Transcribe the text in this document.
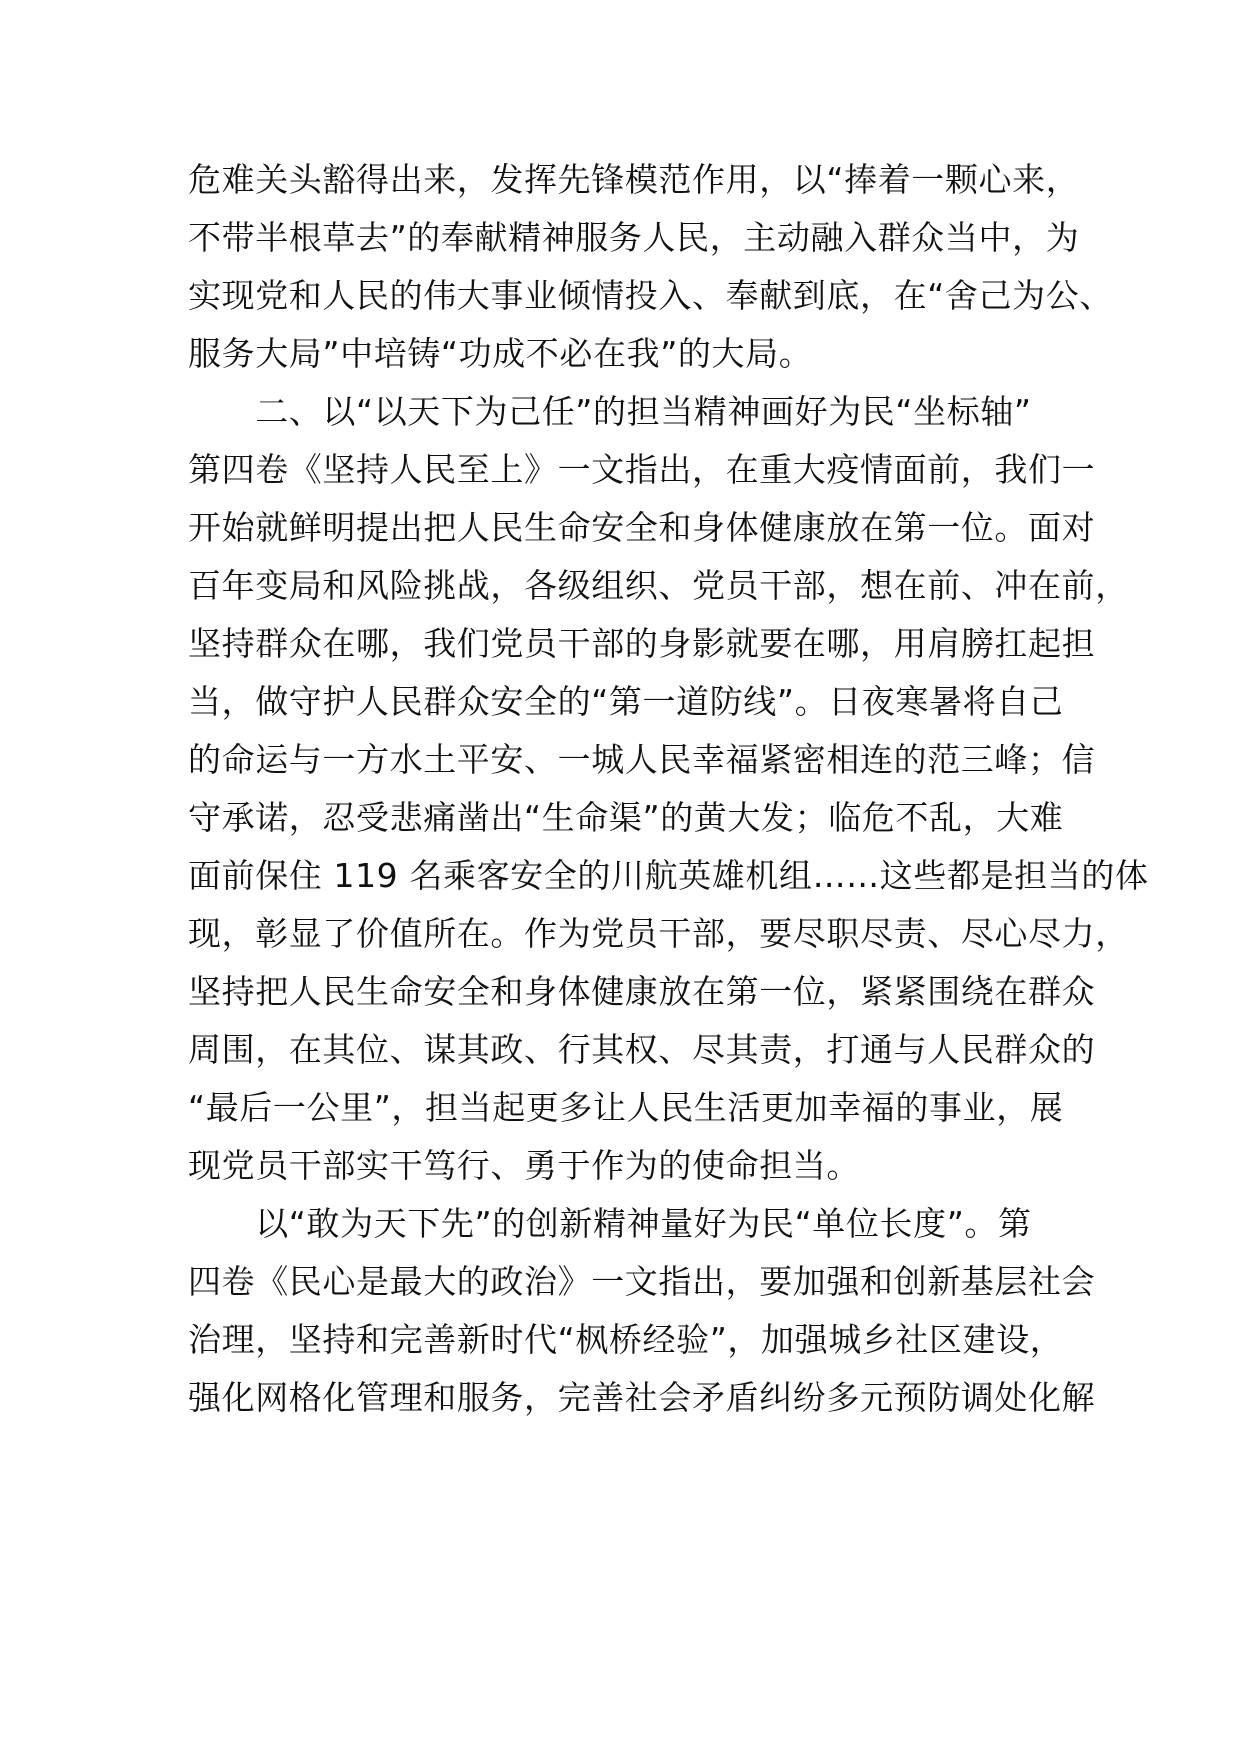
危难关头豁得出来，发挥先锋模范作用，以“捧着一颗心来，
不带半根草去”的奉献精神服务人民，主动融入群众当中，为
实现党和人民的伟大事业倾情投入、奉献到底，在“舍己为公、
服务大局”中培铸“功成不必在我”的大局。
　　二、以“以天下为己任”的担当精神画好为民“坐标轴”
第四卷《坚持人民至上》一文指出，在重大疫情面前，我们一
开始就鲜明提出把人民生命安全和身体健康放在第一位。面对
百年变局和风险挑战，各级组织、党员干部，想在前、冲在前，
坚持群众在哪，我们党员干部的身影就要在哪，用肩膀扛起担
当，做守护人民群众安全的“第一道防线”。日夜寒暑将自己
的命运与一方水土平安、一城人民幸福紧密相连的范三峰；信
守承诺，忍受悲痛凿出“生命渠”的黄大发；临危不乱，大难
面前保住 119 名乘客安全的川航英雄机组……这些都是担当的体
现，彰显了价值所在。作为党员干部，要尽职尽责、尽心尽力，
坚持把人民生命安全和身体健康放在第一位，紧紧围绕在群众
周围，在其位、谋其政、行其权、尽其责，打通与人民群众的
“最后一公里”，担当起更多让人民生活更加幸福的事业，展
现党员干部实干笃行、勇于作为的使命担当。
　　以“敢为天下先”的创新精神量好为民“单位长度”。第
四卷《民心是最大的政治》一文指出，要加强和创新基层社会
治理，坚持和完善新时代“枫桥经验”，加强城乡社区建设，
强化网格化管理和服务，完善社会矛盾纠纷多元预防调处化解
